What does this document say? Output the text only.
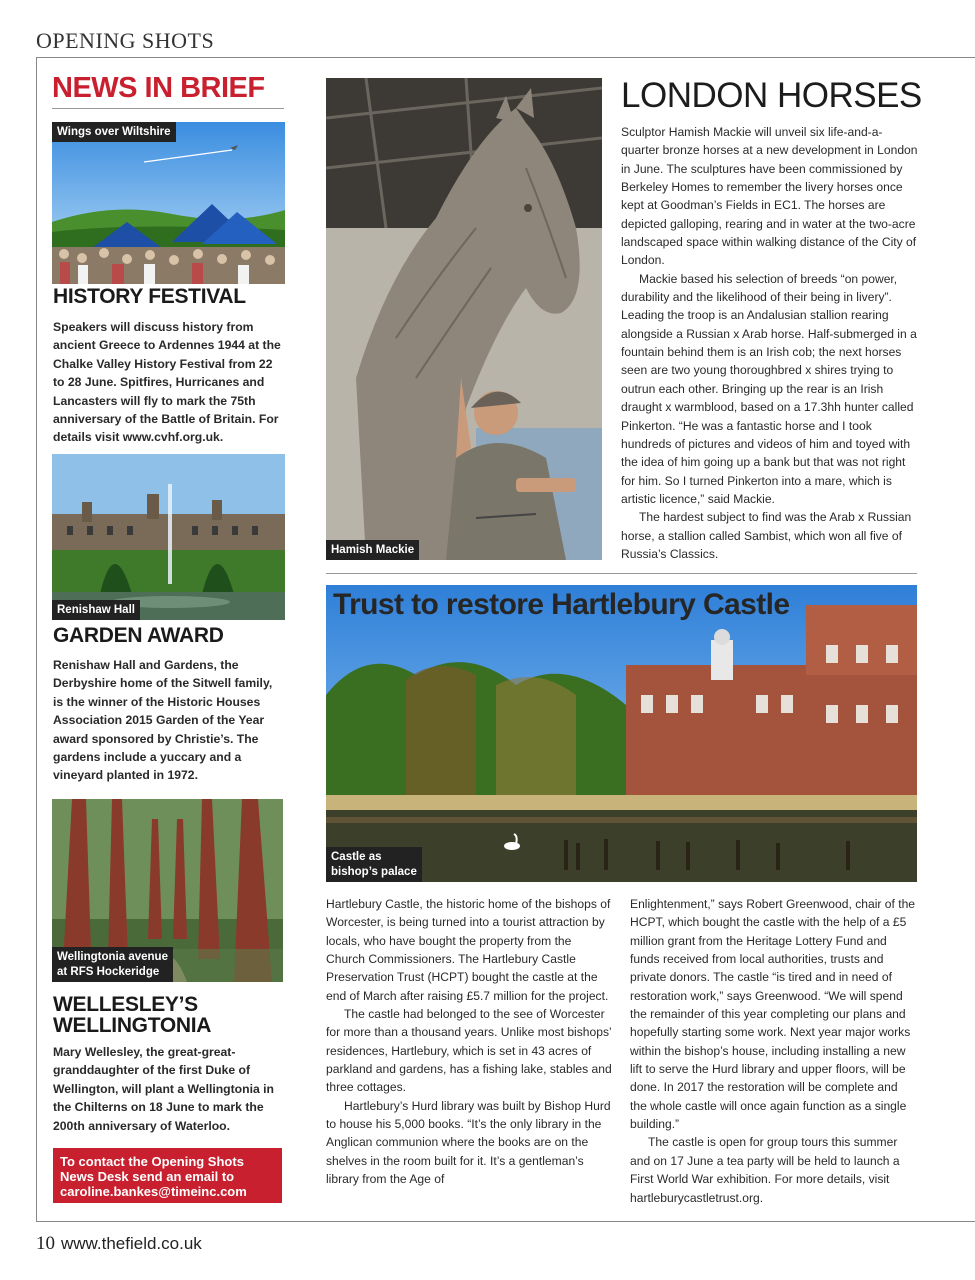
OPENING SHOTS
NEWS IN BRIEF
Wings over Wiltshire
HISTORY FESTIVAL
Speakers will discuss history from ancient Greece to Ardennes 1944 at the Chalke Valley History Festival from 22 to 28 June. Spitfires, Hurricanes and Lancasters will fly to mark the 75th anniversary of the Battle of Britain. For details visit www.cvhf.org.uk.
Renishaw Hall
GARDEN AWARD
Renishaw Hall and Gardens, the Derbyshire home of the Sitwell family, is the winner of the Historic Houses Association 2015 Garden of the Year award sponsored by Christie’s. The gardens include a yuccary and a vineyard planted in 1972.
Wellingtonia avenue
at RFS Hockeridge
WELLESLEY’S
WELLINGTONIA
Mary Wellesley, the great-great-granddaughter of the first Duke of Wellington, will plant a Wellingtonia in the Chilterns on 18 June to mark the 200th anniversary of Waterloo.
To contact the Opening Shots
News Desk send an email to
caroline.bankes@timeinc.com
Hamish Mackie
LONDON HORSES

Sculptor Hamish Mackie will unveil six life-and-a-quarter bronze horses at a new development in London in June. The sculptures have been commissioned by Berkeley Homes to remember the livery horses once kept at Goodman’s Fields in EC1. The horses are depicted galloping, rearing and in water at the two-acre landscaped space within walking distance of the City of London.

Mackie based his selection of breeds “on power, durability and the likelihood of their being in livery”. Leading the troop is an Andalusian stallion rearing alongside a Russian x Arab horse. Half-submerged in a fountain behind them is an Irish cob; the next horses seen are two young thoroughbred x shires trying to outrun each other. Bringing up the rear is an Irish draught x warmblood, based on a 17.3hh hunter called Pinkerton. “He was a fantastic horse and I took hundreds of pictures and videos of him and toyed with the idea of him going up a bank but that was not right for him. So I turned Pinkerton into a mare, which is artistic licence,” said Mackie.

The hardest subject to find was the Arab x Russian horse, a stallion called Sambist, which won all five of Russia’s Classics.

Castle as
bishop’s palace
Trust to restore Hartlebury Castle

Hartlebury Castle, the historic home of the bishops of Worcester, is being turned into a tourist attraction by locals, who have bought the property from the Church Commissioners. The Hartlebury Castle Preservation Trust (HCPT) bought the castle at the end of March after raising £5.7 million for the project.

The castle had belonged to the see of Worcester for more than a thousand years. Unlike most bishops’ residences, Hartlebury, which is set in 43 acres of parkland and gardens, has a fishing lake, stables and three cottages.

Hartlebury’s Hurd library was built by Bishop Hurd to house his 5,000 books. “It’s the only library in the Anglican communion where the books are on the shelves in the room built for it. It’s a gentleman’s library from the Age of

Enlightenment,” says Robert Greenwood, chair of the HCPT, which bought the castle with the help of a £5 million grant from the Heritage Lottery Fund and funds received from local authorities, trusts and private donors. The castle “is tired and in need of restoration work,” says Greenwood. “We will spend the remainder of this year completing our plans and hopefully starting some work. Next year major works within the bishop’s house, including installing a new lift to serve the Hurd library and upper floors, will be done. In 2017 the restoration will be complete and the whole castle will once again function as a single building.”

The castle is open for group tours this summer and on 17 June a tea party will be held to launch a First World War exhibition. For more details, visit hartleburycastletrust.org.

10 www.thefield.co.uk
